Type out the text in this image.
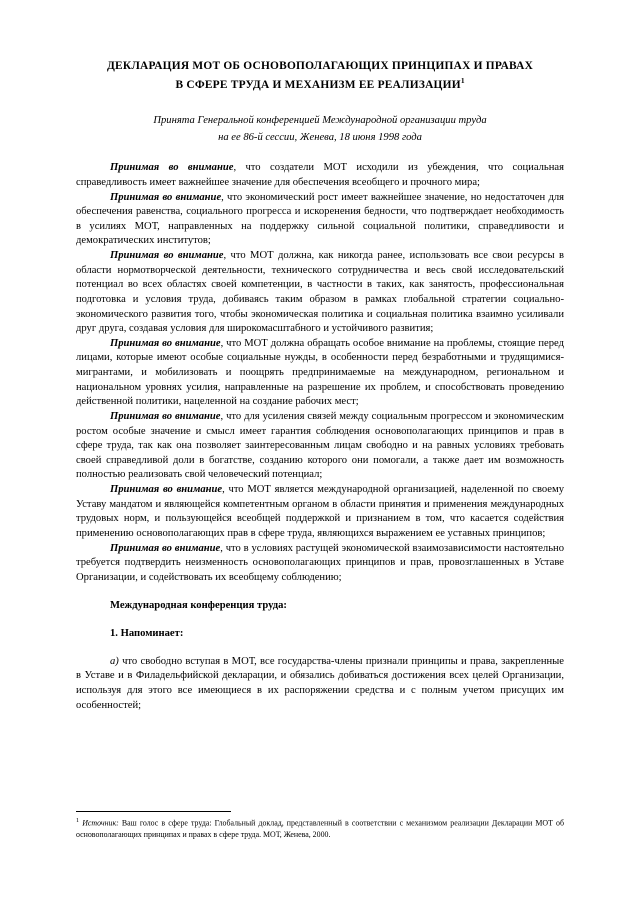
ДЕКЛАРАЦИЯ МОТ ОБ ОСНОВОПОЛАГАЮЩИХ ПРИНЦИПАХ И ПРАВАХ
В СФЕРЕ ТРУДА И МЕХАНИЗМ ЕЕ РЕАЛИЗАЦИИ$^1$
Принята Генеральной конференцией Международной организации труда
на ее 86-й сессии, Женева, 18 июня 1998 года

Принимая во внимание, что создатели МОТ исходили из убеждения, что социальная справедливость имеет важнейшее значение для обеспечения всеобщего и прочного мира;

Принимая во внимание, что экономический рост имеет важнейшее значение, но недостаточен для обеспечения равенства, социального прогресса и искоренения бедности, что подтверждает необходимость в усилиях МОТ, направленных на поддержку сильной социальной политики, справедливости и демократических институтов;

Принимая во внимание, что МОТ должна, как никогда ранее, использовать все свои ресурсы в области нормотворческой деятельности, технического сотрудничества и весь свой исследовательский потенциал во всех областях своей компетенции, в частности в таких, как занятость, профессиональная подготовка и условия труда, добиваясь таким образом в рамках глобальной стратегии социально-экономического развития того, чтобы экономическая политика и социальная политика взаимно усиливали друг друга, создавая условия для широкомасштабного и устойчивого развития;

Принимая во внимание, что МОТ должна обращать особое внимание на проблемы, стоящие перед лицами, которые имеют особые социальные нужды, в особенности перед безработными и трудящимися-мигрантами, и мобилизовать и поощрять предпринимаемые на международном, региональном и национальном уровнях усилия, направленные на разрешение их проблем, и способствовать проведению действенной политики, нацеленной на создание рабочих мест;

Принимая во внимание, что для усиления связей между социальным прогрессом и экономическим ростом особые значение и смысл имеет гарантия соблюдения основополагающих принципов и прав в сфере труда, так как она позволяет заинтересованным лицам свободно и на равных условиях требовать своей справедливой доли в богатстве, созданию которого они помогали, а также дает им возможность полностью реализовать свой человеческий потенциал;

Принимая во внимание, что МОТ является международной организацией, наделенной по своему Уставу мандатом и являющейся компетентным органом в области принятия и применения международных трудовых норм, и пользующейся всеобщей поддержкой и признанием в том, что касается содействия применению основополагающих прав в сфере труда, являющихся выражением ее уставных принципов;

Принимая во внимание, что в условиях растущей экономической взаимозависимости настоятельно требуется подтвердить неизменность основополагающих принципов и прав, провозглашенных в Уставе Организации, и содействовать их всеобщему соблюдению;

Международная конференция труда:

1. Напоминает:

а) что свободно вступая в МОТ, все государства-члены признали принципы и права, закрепленные в Уставе и в Филадельфийской декларации, и обязались добиваться достижения всех целей Организации, используя для этого все имеющиеся в их распоряжении средства и с полным учетом присущих им особенностей;

$^1$ Источник: Ваш голос в сфере труда: Глобальный доклад, представленный в соответствии с механизмом реализации Декларации МОТ об основополагающих принципах и правах в сфере труда. МОТ, Женева, 2000.
